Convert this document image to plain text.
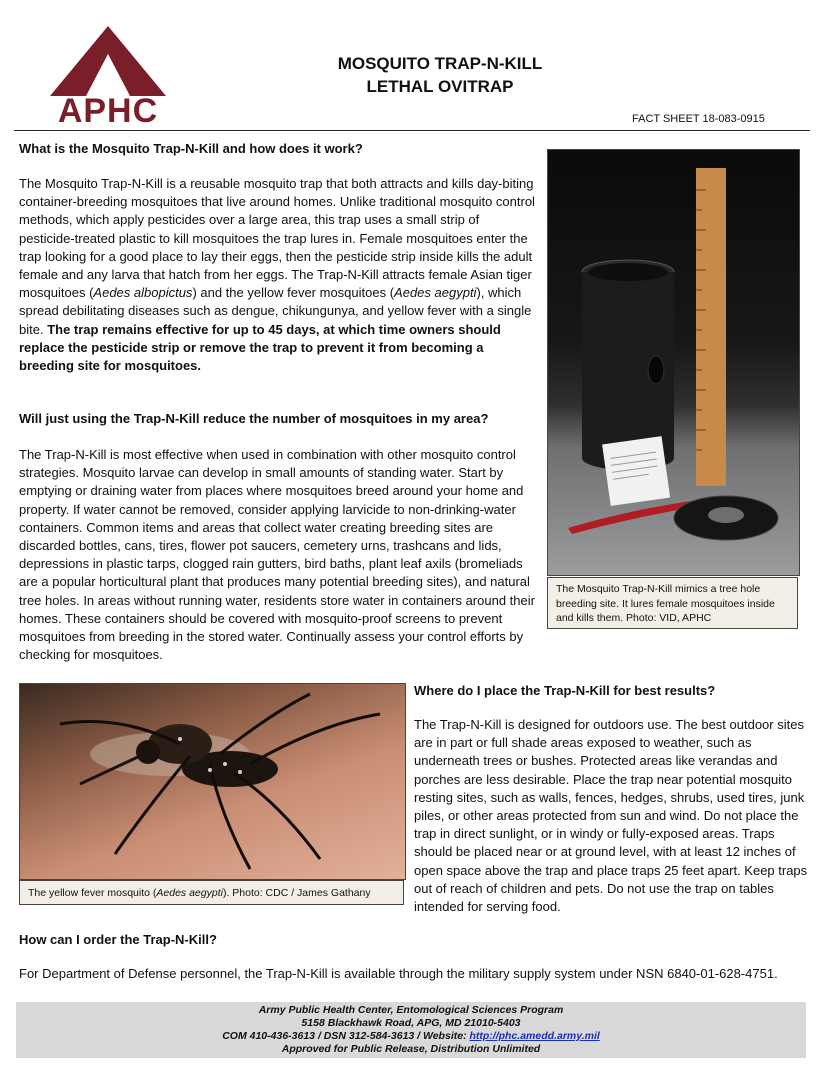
APHC
MOSQUITO TRAP-N-KILL
LETHAL OVITRAP
FACT SHEET 18-083-0915
What is the Mosquito Trap-N-Kill and how does it work?
The Mosquito Trap-N-Kill is a reusable mosquito trap that both attracts and kills day-biting container-breeding mosquitoes that live around homes. Unlike traditional mosquito control methods, which apply pesticides over a large area, this trap uses a small strip of pesticide-treated plastic to kill mosquitoes the trap lures in. Female mosquitoes enter the trap looking for a good place to lay their eggs, then the pesticide strip inside kills the adult female and any larva that hatch from her eggs. The Trap-N-Kill attracts female Asian tiger mosquitoes (Aedes albopictus) and the yellow fever mosquitoes (Aedes aegypti), which spread debilitating diseases such as dengue, chikungunya, and yellow fever with a single bite. The trap remains effective for up to 45 days, at which time owners should replace the pesticide strip or remove the trap to prevent it from becoming a breeding site for mosquitoes.
The Mosquito Trap-N-Kill mimics a tree hole breeding site. It lures female mosquitoes inside and kills them. Photo: VID, APHC
Will just using the Trap-N-Kill reduce the number of mosquitoes in my area?
The Trap-N-Kill is most effective when used in combination with other mosquito control strategies. Mosquito larvae can develop in small amounts of standing water. Start by emptying or draining water from places where mosquitoes breed around your home and property. If water cannot be removed, consider applying larvicide to non-drinking-water containers. Common items and areas that collect water creating breeding sites are discarded bottles, cans, tires, flower pot saucers, cemetery urns, trashcans and lids, depressions in plastic tarps, clogged rain gutters, bird baths, plant leaf axils (bromeliads are a popular horticultural plant that produces many potential breeding sites), and natural tree holes. In areas without running water, residents store water in containers around their homes. These containers should be covered with mosquito-proof screens to prevent mosquitoes from breeding in the stored water. Continually assess your control efforts by checking for mosquitoes.
The yellow fever mosquito (Aedes aegypti). Photo: CDC / James Gathany
Where do I place the Trap-N-Kill for best results?
The Trap-N-Kill is designed for outdoors use. The best outdoor sites are in part or full shade areas exposed to weather, such as underneath trees or bushes. Protected areas like verandas and porches are less desirable. Place the trap near potential mosquito resting sites, such as walls, fences, hedges, shrubs, used tires, junk piles, or other areas protected from sun and wind. Do not place the trap in direct sunlight, or in windy or fully-exposed areas. Traps should be placed near or at ground level, with at least 12 inches of open space above the trap and place traps 25 feet apart. Keep traps out of reach of children and pets. Do not use the trap on tables intended for serving food.
How can I order the Trap-N-Kill?
For Department of Defense personnel, the Trap-N-Kill is available through the military supply system under NSN 6840-01-628-4751.
Army Public Health Center, Entomological Sciences Program
5158 Blackhawk Road, APG, MD 21010-5403
COM 410-436-3613 / DSN 312-584-3613 / Website: http://phc.amedd.army.mil
Approved for Public Release, Distribution Unlimited
